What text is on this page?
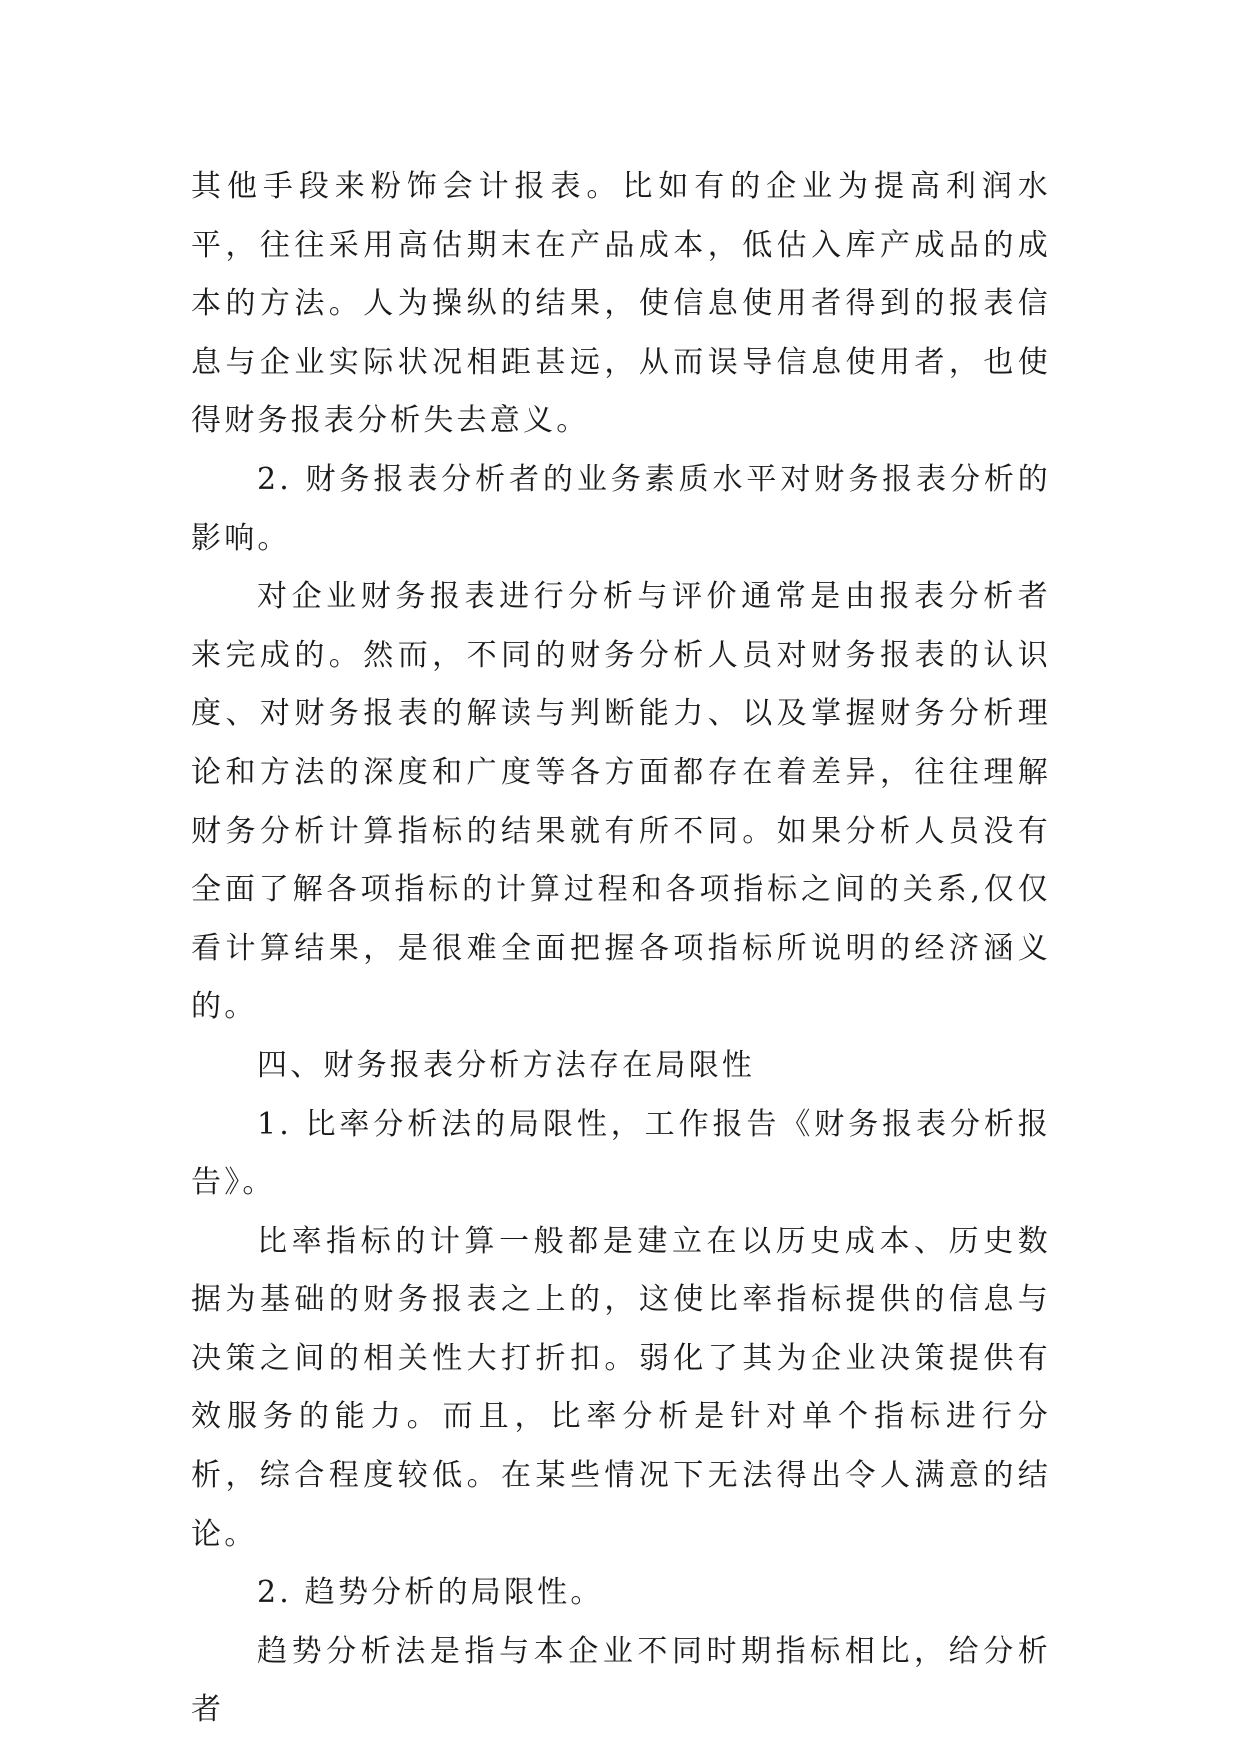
其他手段来粉饰会计报表。比如有的企业为提高利润水平，往往采用高估期末在产品成本，低估入库产成品的成本的方法。人为操纵的结果，使信息使用者得到的报表信息与企业实际状况相距甚远，从而误导信息使用者，也使得财务报表分析失去意义。

2. 财务报表分析者的业务素质水平对财务报表分析的影响。

对企业财务报表进行分析与评价通常是由报表分析者来完成的。然而，不同的财务分析人员对财务报表的认识度、对财务报表的解读与判断能力、以及掌握财务分析理论和方法的深度和广度等各方面都存在着差异，往往理解财务分析计算指标的结果就有所不同。如果分析人员没有全面了解各项指标的计算过程和各项指标之间的关系,仅仅看计算结果，是很难全面把握各项指标所说明的经济涵义的。

四、财务报表分析方法存在局限性

1. 比率分析法的局限性，工作报告《财务报表分析报告》。

比率指标的计算一般都是建立在以历史成本、历史数据为基础的财务报表之上的，这使比率指标提供的信息与决策之间的相关性大打折扣。弱化了其为企业决策提供有效服务的能力。而且，比率分析是针对单个指标进行分析，综合程度较低。在某些情况下无法得出令人满意的结论。

2. 趋势分析的局限性。

趋势分析法是指与本企业不同时期指标相比，给分析者
